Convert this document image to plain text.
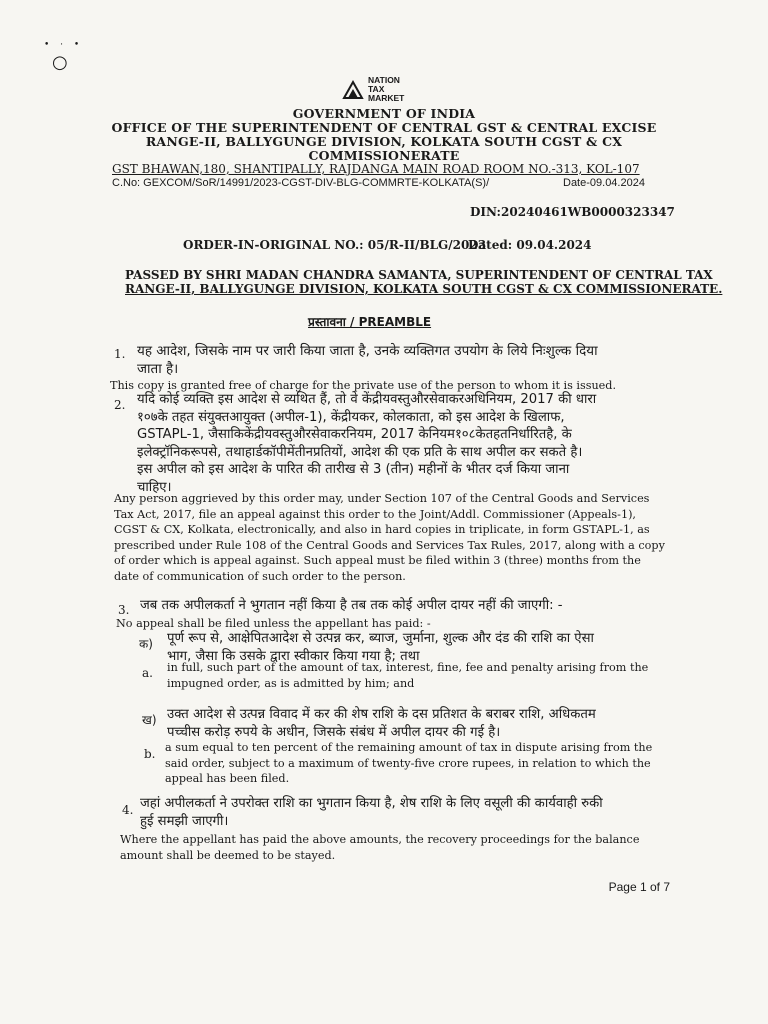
• · •
○
NATION
TAX
MARKET
GOVERNMENT OF INDIA
OFFICE OF THE SUPERINTENDENT OF CENTRAL GST & CENTRAL EXCISE
RANGE-II, BALLYGUNGE DIVISION, KOLKATA SOUTH CGST & CX
COMMISSIONERATE
GST BHAWAN,180, SHANTIPALLY, RAJDANGA MAIN ROAD ROOM NO.-313, KOL-107
C.No: GEXCOM/SoR/14991/2023-CGST-DIV-BLG-COMMRTE-KOLKATA(S)/	Date-09.04.2024
DIN:20240461WB0000323347
ORDER-IN-ORIGINAL NO.: 05/R-II/BLG/2023
Dated: 09.04.2024
PASSED BY SHRI MADAN CHANDRA SAMANTA, SUPERINTENDENT OF CENTRAL TAX
RANGE-II, BALLYGUNGE DIVISION, KOLKATA SOUTH CGST & CX COMMISSIONERATE.
प्रस्तावना / PREAMBLE
1. यह आदेश, जिसके नाम पर जारी किया जाता है, उनके व्यक्तिगत उपयोग के लिये निःशुल्क दिया
जाता है।
This copy is granted free of charge for the private use of the person to whom it is issued.
2. यदि कोई व्यक्ति इस आदेश से व्यथित हैं, तो वे केंद्रीयवस्तुऔरसेवाकरअधिनियम, 2017 की धारा
१०७के तहत संयुक्तआयुक्त (अपील-1), केंद्रीयकर, कोलकाता, को इस आदेश के खिलाफ,
GSTAPL-1, जैसाकिकेंद्रीयवस्तुऔरसेवाकरनियम, 2017 केनियम१०८केतहतनिर्धारितहै, के
इलेक्ट्रॉनिकरूपसे, तथाहार्डकॉपीमेंतीनप्रतियों, आदेश की एक प्रति के साथ अपील कर सकते है।
इस अपील को इस आदेश के पारित की तारीख से 3 (तीन) महीनों के भीतर दर्ज किया जाना
चाहिए।
Any person aggrieved by this order may, under Section 107 of the Central Goods and Services
Tax Act, 2017, file an appeal against this order to the Joint/Addl. Commissioner (Appeals-1),
CGST & CX, Kolkata, electronically, and also in hard copies in triplicate, in form GSTAPL-1, as
prescribed under Rule 108 of the Central Goods and Services Tax Rules, 2017, along with a copy
of order which is appeal against. Such appeal must be filed within 3 (three) months from the
date of communication of such order to the person.
3. जब तक अपीलकर्ता ने भुगतान नहीं किया है तब तक कोई अपील दायर नहीं की जाएगी: -
No appeal shall be filed unless the appellant has paid: -
क) पूर्ण रूप से, आक्षेपितआदेश से उत्पन्न कर, ब्याज, जुर्माना, शुल्क और दंड की राशि का ऐसा
भाग, जैसा कि उसके द्वारा स्वीकार किया गया है; तथा
a. in full, such part of the amount of tax, interest, fine, fee and penalty arising from the
impugned order, as is admitted by him; and
ख) उक्त आदेश से उत्पन्न विवाद में कर की शेष राशि के दस प्रतिशत के बराबर राशि, अधिकतम
पच्चीस करोड़ रुपये के अधीन, जिसके संबंध में अपील दायर की गई है।
b. a sum equal to ten percent of the remaining amount of tax in dispute arising from the
said order, subject to a maximum of twenty-five crore rupees, in relation to which the
appeal has been filed.
4. जहां अपीलकर्ता ने उपरोक्त राशि का भुगतान किया है, शेष राशि के लिए वसूली की कार्यवाही रुकी
हुई समझी जाएगी।
Where the appellant has paid the above amounts, the recovery proceedings for the balance
amount shall be deemed to be stayed.
Page 1 of 7
